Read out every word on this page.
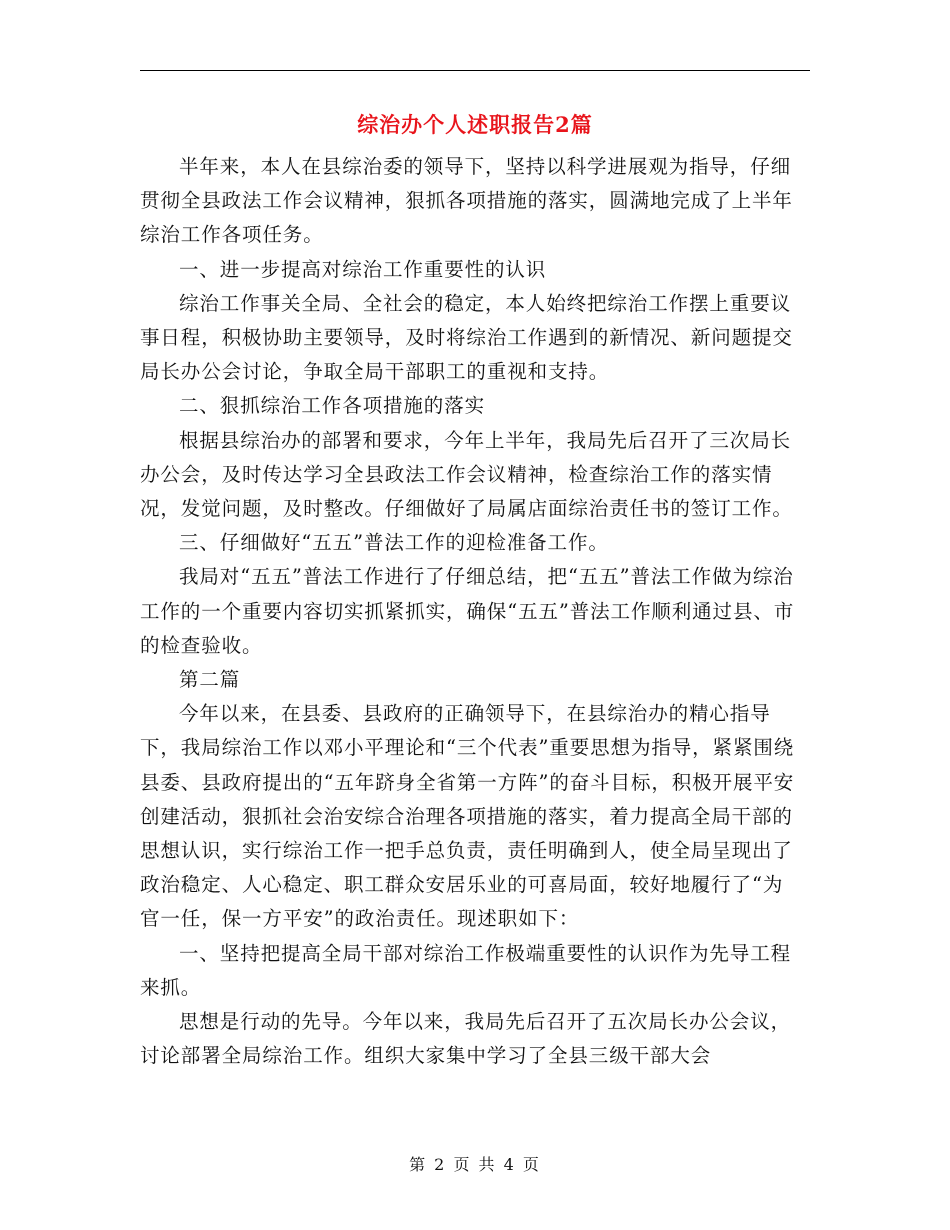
综治办个人述职报告2篇

半年来，本人在县综治委的领导下，坚持以科学进展观为指导，仔细贯彻全县政法工作会议精神，狠抓各项措施的落实，圆满地完成了上半年综治工作各项任务。

一、进一步提高对综治工作重要性的认识

综治工作事关全局、全社会的稳定，本人始终把综治工作摆上重要议事日程，积极协助主要领导，及时将综治工作遇到的新情况、新问题提交局长办公会讨论，争取全局干部职工的重视和支持。

二、狠抓综治工作各项措施的落实

根据县综治办的部署和要求，今年上半年，我局先后召开了三次局长办公会，及时传达学习全县政法工作会议精神，检查综治工作的落实情况，发觉问题，及时整改。仔细做好了局属店面综治责任书的签订工作。

三、仔细做好“五五”普法工作的迎检准备工作。

我局对“五五”普法工作进行了仔细总结，把“五五”普法工作做为综治工作的一个重要内容切实抓紧抓实，确保“五五”普法工作顺利通过县、市的检查验收。

第二篇

今年以来，在县委、县政府的正确领导下，在县综治办的精心指导下，我局综治工作以邓小平理论和“三个代表”重要思想为指导，紧紧围绕县委、县政府提出的“五年跻身全省第一方阵”的奋斗目标，积极开展平安创建活动，狠抓社会治安综合治理各项措施的落实，着力提高全局干部的思想认识，实行综治工作一把手总负责，责任明确到人，使全局呈现出了政治稳定、人心稳定、职工群众安居乐业的可喜局面，较好地履行了“为官一任，保一方平安”的政治责任。现述职如下：

一、坚持把提高全局干部对综治工作极端重要性的认识作为先导工程来抓。

思想是行动的先导。今年以来，我局先后召开了五次局长办公会议，讨论部署全局综治工作。组织大家集中学习了全县三级干部大会

第 2 页 共 4 页
